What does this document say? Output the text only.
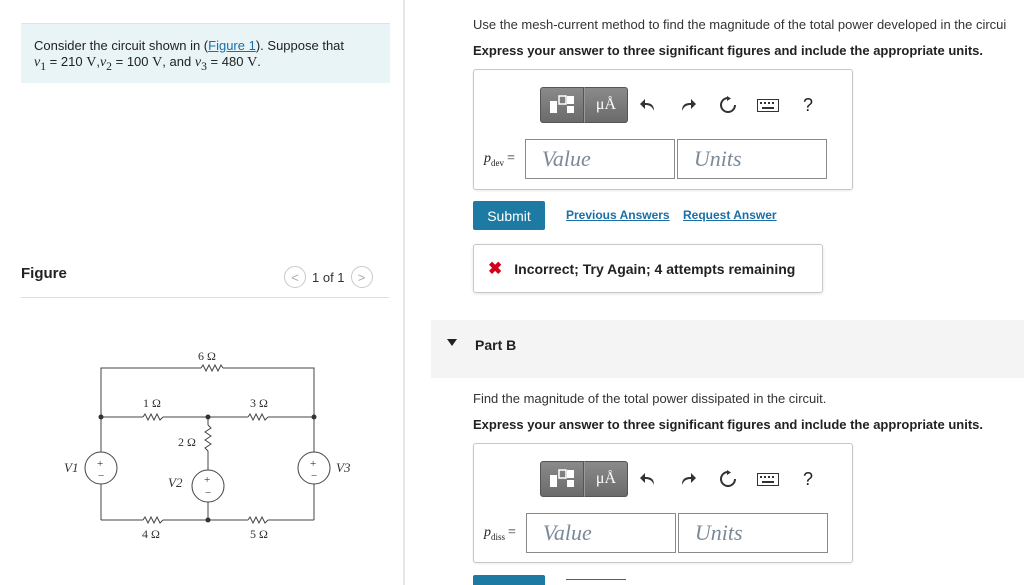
Consider the circuit shown in (Figure 1). Suppose that
$v_1 = 210$ $V,v_2 = 100$ V, and $v_3 = 480$ V.
Figure	<	1 of 1	>
6 Ω
1 Ω	3 Ω
2 Ω
4 Ω	5 Ω
V1
V2
V3
+
−	+
−
+
−
Use the mesh-current method to find the magnitude of the total power developed in the circui
Express your answer to three significant figures and include the appropriate units.
μÅ	?
$p_{dev}$ =	Value	Units
Submit	Previous Answers Request Answer
✖ Incorrect; Try Again; 4 attempts remaining
Part B
Find the magnitude of the total power dissipated in the circuit.
Express your answer to three significant figures and include the appropriate units.
μÅ	?
$p_{diss}$ =	Value	Units
